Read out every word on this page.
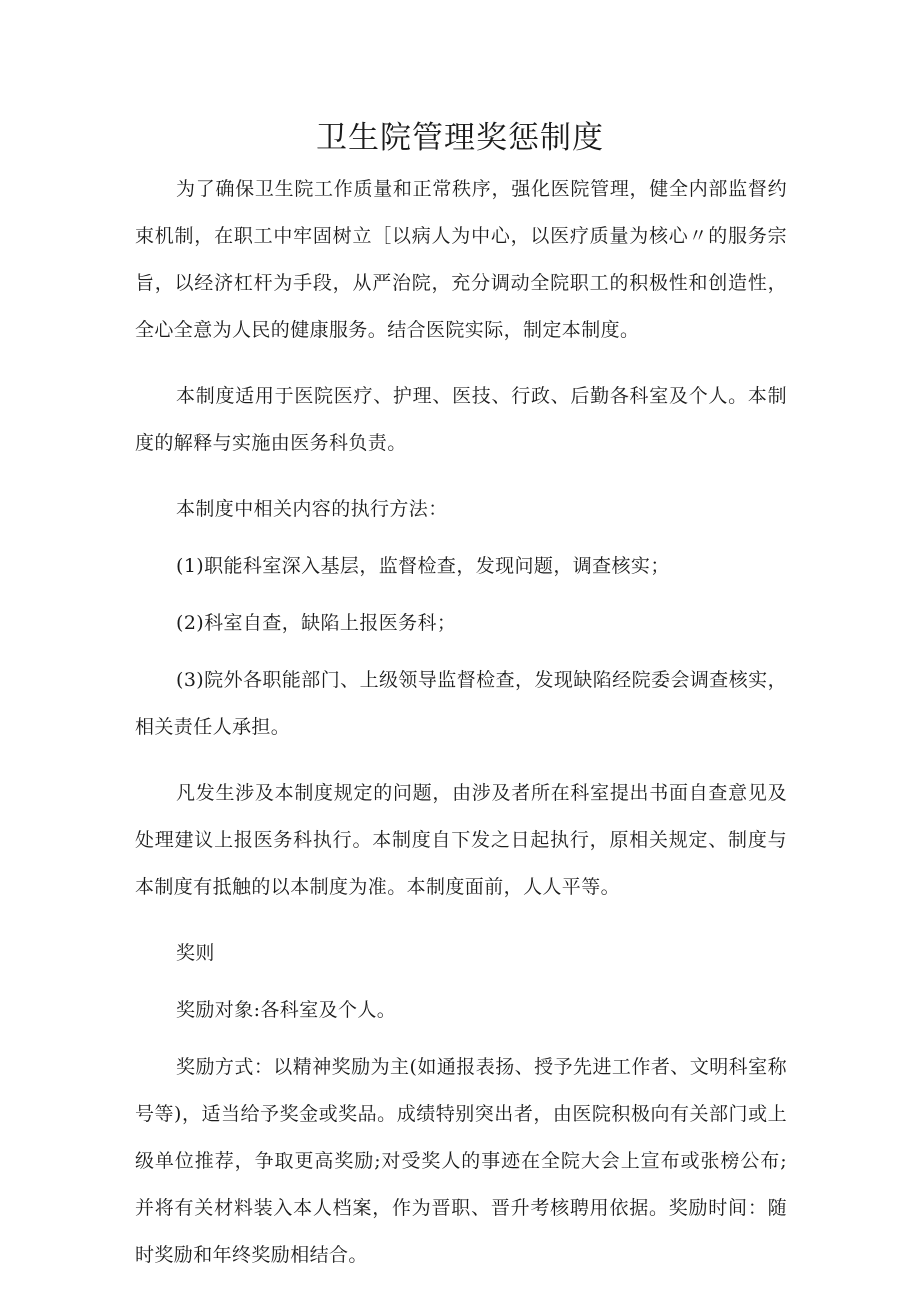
卫生院管理奖惩制度

为了确保卫生院工作质量和正常秩序，强化医院管理，健全内部监督约束机制，在职工中牢固树立［以病人为中心，以医疗质量为核心〃的服务宗旨，以经济杠杆为手段，从严治院，充分调动全院职工的积极性和创造性，全心全意为人民的健康服务。结合医院实际，制定本制度。

本制度适用于医院医疗、护理、医技、行政、后勤各科室及个人。本制度的解释与实施由医务科负责。

本制度中相关内容的执行方法：

(1)职能科室深入基层，监督检查，发现问题，调查核实；

(2)科室自查，缺陷上报医务科；

(3)院外各职能部门、上级领导监督检查，发现缺陷经院委会调查核实，相关责任人承担。

凡发生涉及本制度规定的问题，由涉及者所在科室提出书面自查意见及处理建议上报医务科执行。本制度自下发之日起执行，原相关规定、制度与本制度有抵触的以本制度为准。本制度面前，人人平等。

奖则

奖励对象:各科室及个人。

奖励方式：以精神奖励为主(如通报表扬、授予先进工作者、文明科室称号等)，适当给予奖金或奖品。成绩特别突出者，由医院积极向有关部门或上级单位推荐，争取更高奖励;对受奖人的事迹在全院大会上宣布或张榜公布;并将有关材料装入本人档案，作为晋职、晋升考核聘用依据。奖励时间：随时奖励和年终奖励相结合。
